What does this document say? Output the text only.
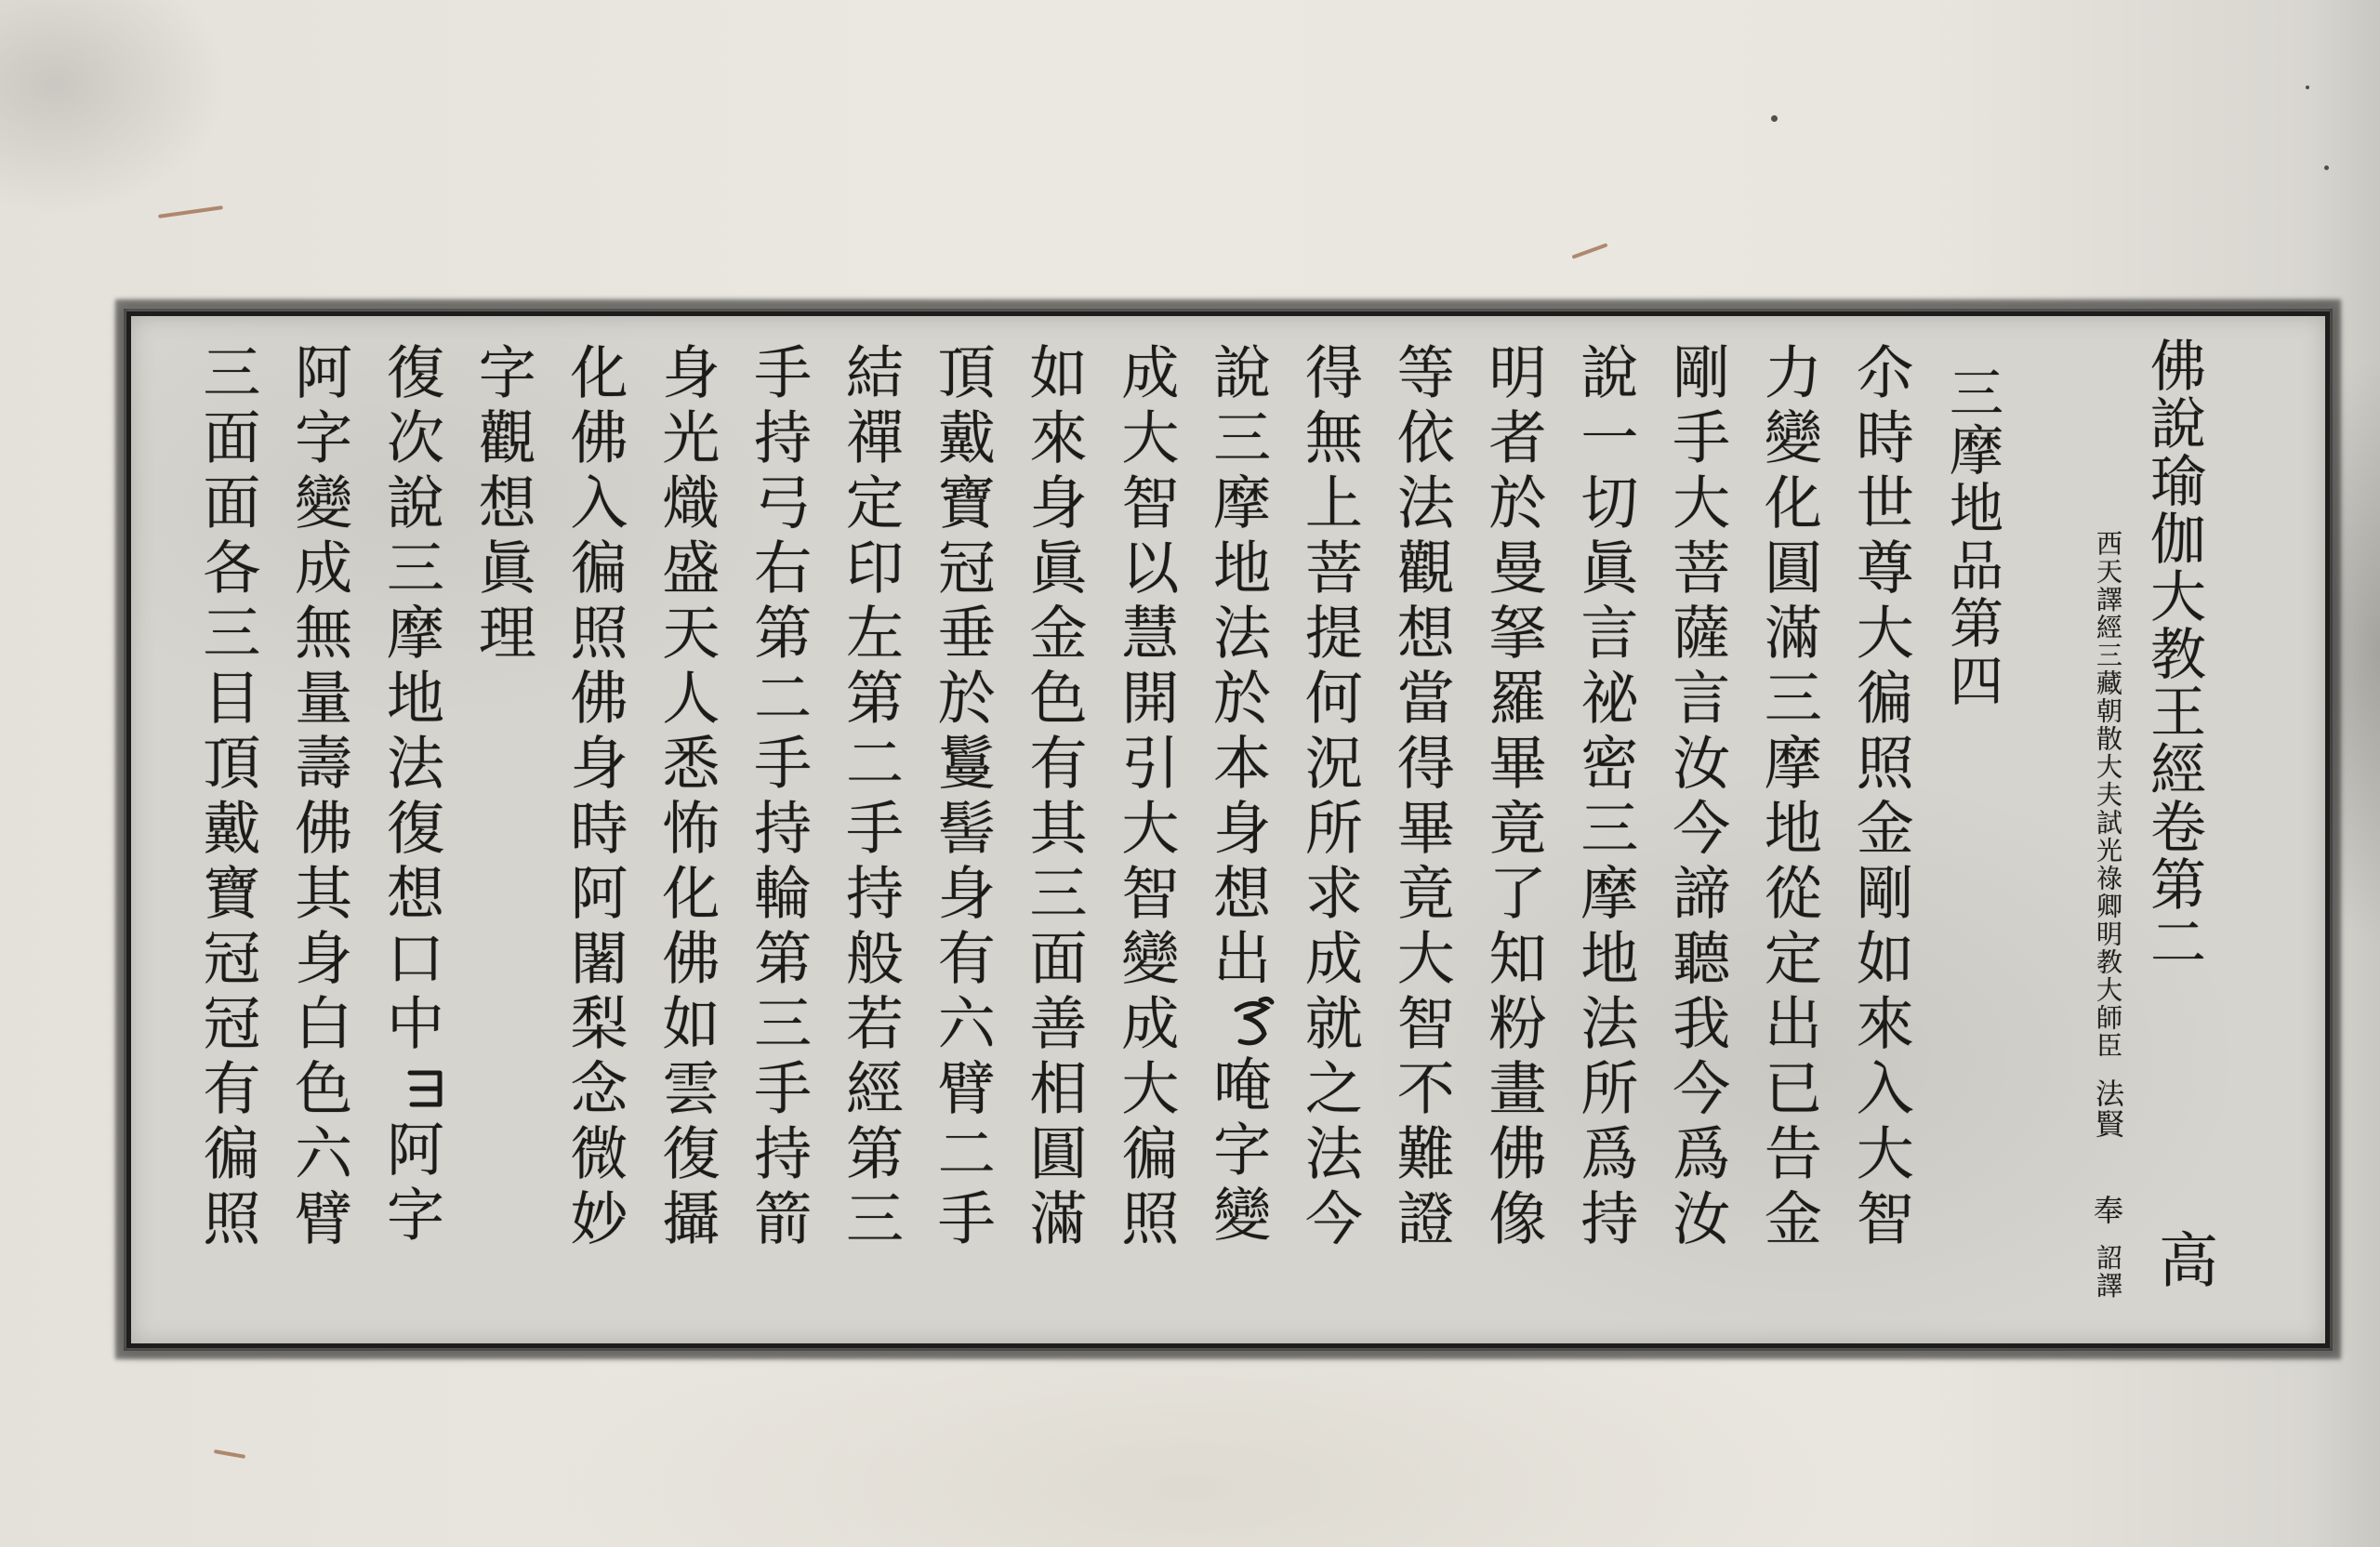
佛說瑜伽大教王經卷第二
高
西天譯經三藏朝散大夫試光祿卿明教大師臣
法賢
奉
詔譯
三摩地品第四
尒時世尊大徧照金剛如來入大智
力變化圓滿三摩地從定出已告金
剛手大菩薩言汝今諦聽我今爲汝
說一切眞言祕密三摩地法所爲持
明者於曼拏羅畢竟了知粉畫佛像
等依法觀想當得畢竟大智不難證
得無上菩提何況所求成就之法今
說三摩地法於本身想出
唵字變
成大智以慧開引大智變成大徧照
如來身眞金色有其三面善相圓滿
頂戴寶冠垂於鬘髻身有六臂二手
結禪定印左第二手持般若經第三
手持弓右第二手持輪第三手持箭
身光熾盛天人悉怖化佛如雲復攝
化佛入徧照佛身時阿闍梨念微妙
字觀想眞理
復次說三摩地法復想口中
阿字
阿字變成無量壽佛其身白色六臂
三面面各三目頂戴寶冠冠有徧照
